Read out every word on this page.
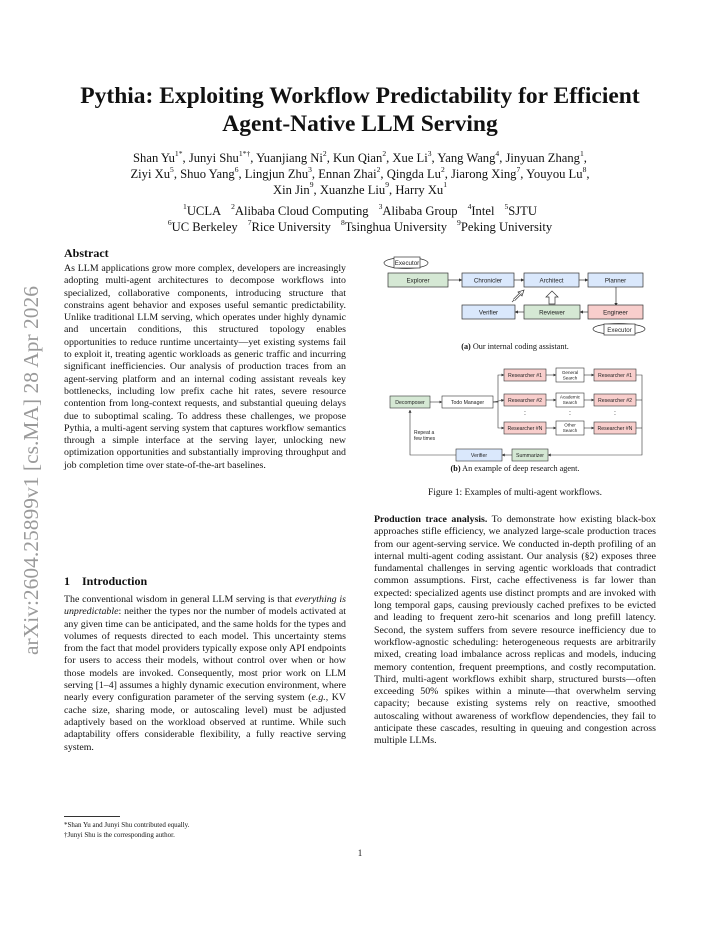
arXiv:2604.25899v1 [cs.MA] 28 Apr 2026
Pythia: Exploiting Workflow Predictability for Efficient
Agent-Native LLM Serving
Shan $Yu^{1*}$, Junyi Shu$^{1*\dagger}$, Yuanjiang Ni$^2$, Kun Qian$^2$, Xue Li$^3$, Yang Wang$^4$, Jinyuan Zhang$^1$,
Ziyi Xu$^5$, Shuo Yang$^6$, Lingjun Zhu$^3$, Ennan Zhai$^2$, Qingda Lu$^2$, Jiarong Xing$^7$, Youyou Lu$^8$,
Xin Jin$^9$, Xuanzhe Liu$^9$, Harry Xu$^1$
$^1$UCLA $^2$Alibaba Cloud Computing $^3$Alibaba Group $^4$Intel $^5$SJTU
$^6$UC Berkeley $^7$Rice University $^8$Tsinghua University $^9$Peking University
Abstract

As LLM applications grow more complex, developers are increasingly adopting multi-agent architectures to decompose workflows into specialized, collaborative components, introducing structure that constrains agent behavior and exposes useful semantic predictability. Unlike traditional LLM serving, which operates under highly dynamic and uncertain conditions, this structured topology enables opportunities to reduce runtime uncertainty—yet existing systems fail to exploit it, treating agentic workloads as generic traffic and incurring significant inefficiencies. Our analysis of production traces from an agent-serving platform and an internal coding assistant reveals key bottlenecks, including low prefix cache hit rates, severe resource contention from long-context requests, and substantial queuing delays due to suboptimal scaling. To address these challenges, we propose Pythia, a multi-agent serving system that captures workflow semantics through a simple interface at the serving layer, unlocking new optimization opportunities and substantially improving throughput and job completion time over state-of-the-art baselines.

1 Introduction

The conventional wisdom in general LLM serving is that everything is unpredictable: neither the types nor the number of models activated at any given time can be anticipated, and the same holds for the types and volumes of requests directed to each model. This uncertainty stems from the fact that model providers typically expose only API endpoints for users to access their models, without control over when or how those models are invoked. Consequently, most prior work on LLM serving [1–4] assumes a highly dynamic execution environment, where nearly every configuration parameter of the serving system (e.g., KV cache size, sharing mode, or autoscaling level) must be adjusted adaptively based on the workload observed at runtime. While such adaptability offers considerable flexibility, a fully reactive serving system.

*Shan Yu and Junyi Shu contributed equally.
†Junyi Shu is the corresponding author.
1
Executor
Explorer	Chronicler	Architect	Planner
Verifier	Reviewer	Engineer
Executor
Decomposer	Todo Manager
Researcher #1
Researcher #2
Researcher #N
General Search
Academic Search
Other Search
Researcher #1
Researcher #2
Researcher #N
:	:	:
Repeat a few times
Verifier	Summarizer
(a) Our internal coding assistant.
(b) An example of deep research agent.
Figure 1: Examples of multi-agent workflows.

Production trace analysis. To demonstrate how existing black-box approaches stifle efficiency, we analyzed large-scale production traces from our agent-serving service. We conducted in-depth profiling of an internal multi-agent coding assistant. Our analysis (§2) exposes three fundamental challenges in serving agentic workloads that contradict common assumptions. First, cache effectiveness is far lower than expected: specialized agents use distinct prompts and are invoked with long temporal gaps, causing previously cached prefixes to be evicted and leading to frequent zero-hit scenarios and long prefill latency. Second, the system suffers from severe resource inefficiency due to workflow-agnostic scheduling: heterogeneous requests are arbitrarily mixed, creating load imbalance across replicas and models, inducing memory contention, frequent preemptions, and costly recomputation. Third, multi-agent workflows exhibit sharp, structured bursts—often exceeding 50% spikes within a minute—that overwhelm serving capacity; because existing systems rely on reactive, smoothed autoscaling without awareness of workflow dependencies, they fail to anticipate these cascades, resulting in queuing and congestion across multiple LLMs.
